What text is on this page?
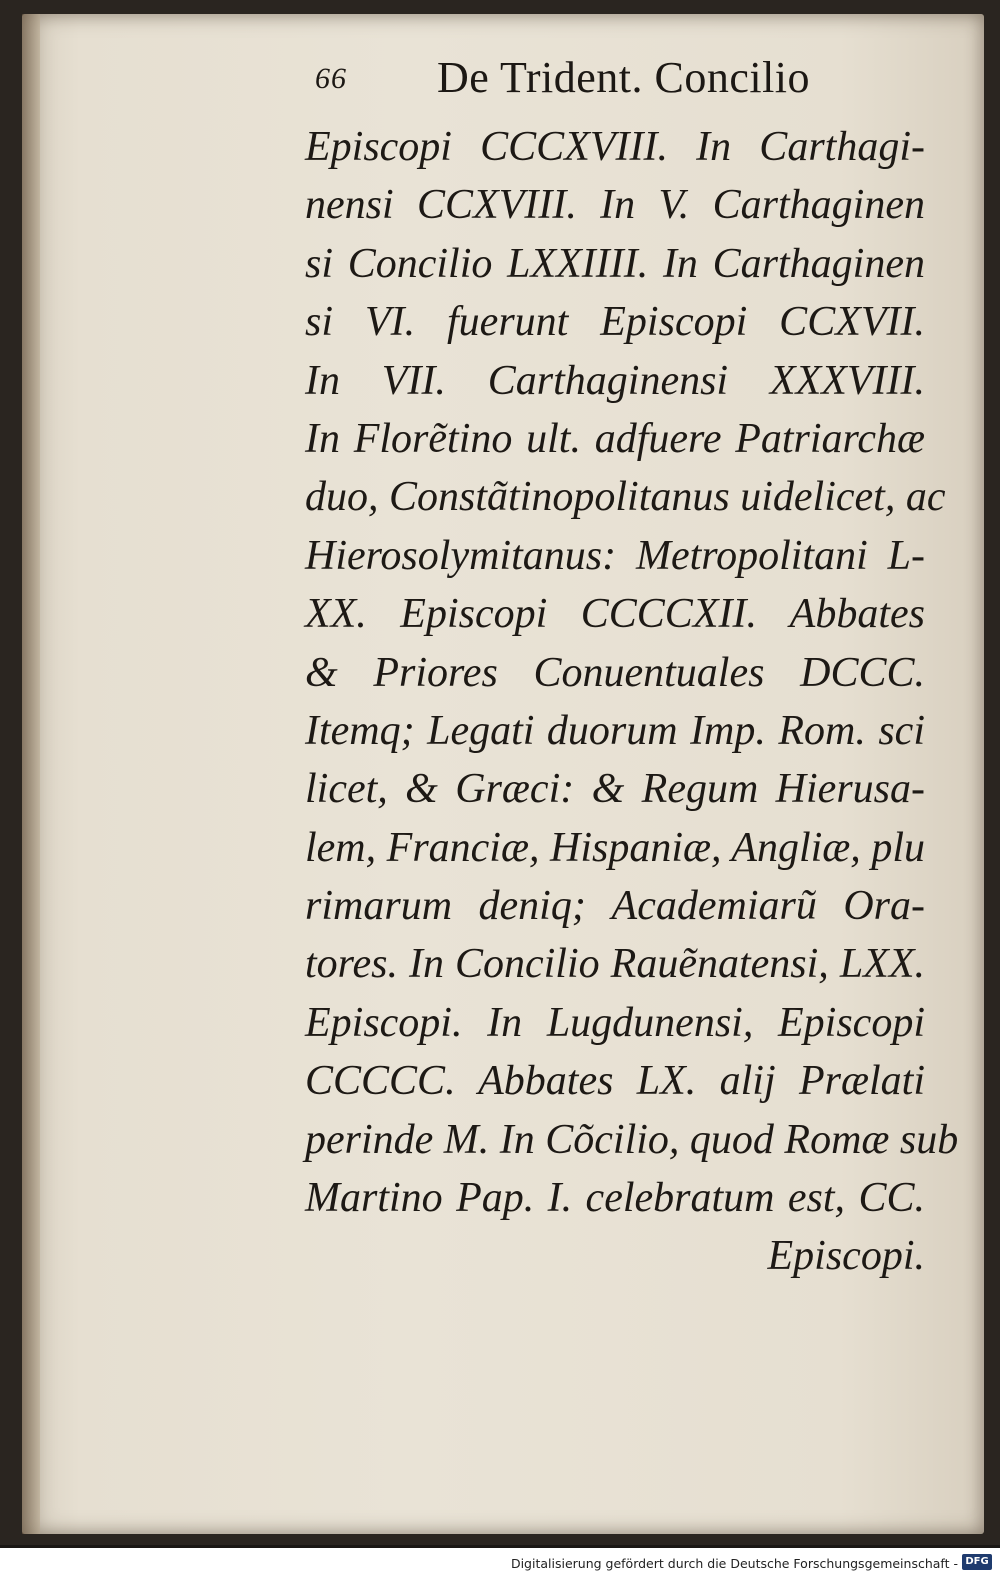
66 De Trident. Concilio
Episcopi CCCXVIII. In Carthagi-
nensi CCXVIII. In V. Carthaginen
si Concilio LXXIIII. In Carthaginen
si VI. fuerunt Episcopi CCXVII.
In VII. Carthaginensi XXXVIII.
In Florẽtino ult. adfuere Patriarchæ
duo, Constãtinopolitanus uidelicet, ac
Hierosolymitanus: Metropolitani L-
XX. Episcopi CCCCXII. Abbates
& Priores Conuentuales DCCC.
Itemq; Legati duorum Imp. Rom. sci
licet, & Græci: & Regum Hierusa-
lem, Franciæ, Hispaniæ, Angliæ, plu
rimarum deniq; Academiarũ Ora-
tores. In Concilio Rauẽnatensi, LXX.
Episcopi. In Lugdunensi, Episcopi
CCCCC. Abbates LX. alij Prælati
perinde M. In Cõcilio, quod Romæ sub
Martino Pap. I. celebratum est, CC.
Episcopi.
Digitalisierung gefördert durch die Deutsche Forschungsgemeinschaft - DFG
